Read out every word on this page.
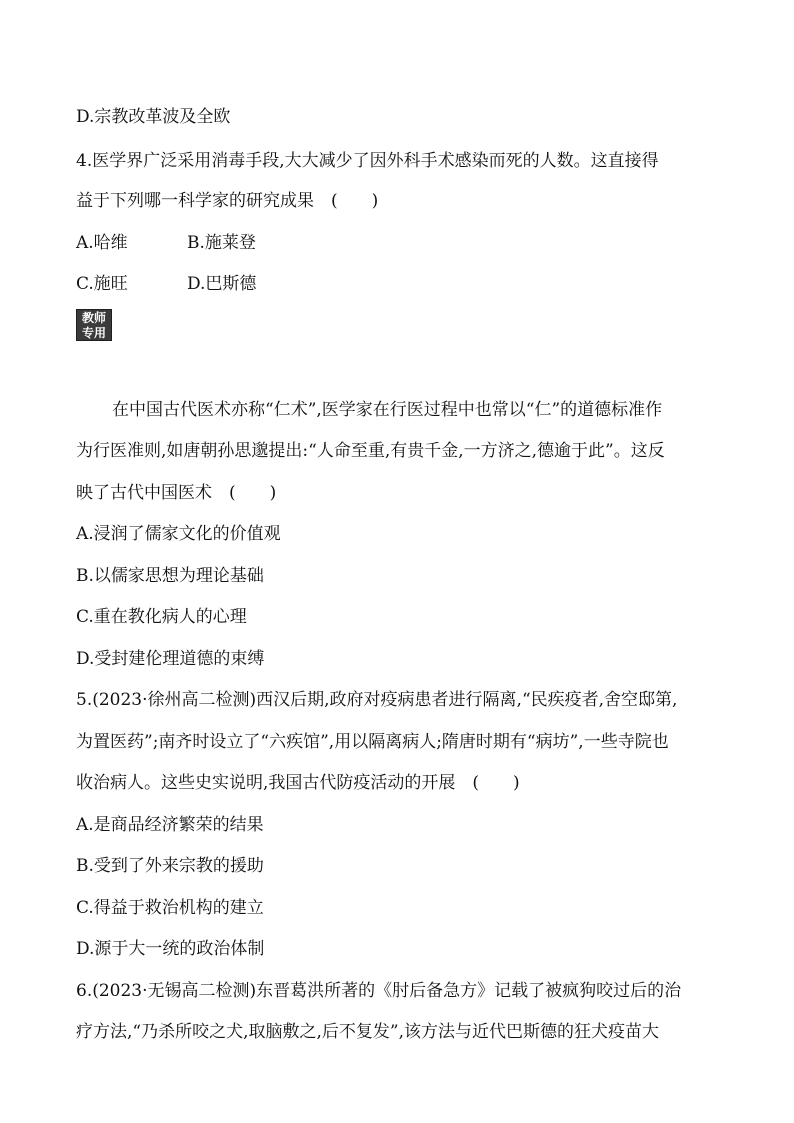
D.宗教改革波及全欧
4.医学界广泛采用消毒手段,大大减少了因外科手术感染而死的人数。这直接得
益于下列哪一科学家的研究成果　(　　)
A.哈维	B.施莱登
C.施旺	D.巴斯德
教师
专用
在中国古代医术亦称“仁术”,医学家在行医过程中也常以“仁”的道德标准作
为行医准则,如唐朝孙思邈提出:“人命至重,有贵千金,一方济之,德逾于此”。这反
映了古代中国医术　(　　)
A.浸润了儒家文化的价值观
B.以儒家思想为理论基础
C.重在教化病人的心理
D.受封建伦理道德的束缚
5.(2023·徐州高二检测)西汉后期,政府对疫病患者进行隔离,“民疾疫者,舍空邸第,
为置医药”;南齐时设立了“六疾馆”,用以隔离病人;隋唐时期有“病坊”,一些寺院也
收治病人。这些史实说明,我国古代防疫活动的开展　(　　)
A.是商品经济繁荣的结果
B.受到了外来宗教的援助
C.得益于救治机构的建立
D.源于大一统的政治体制
6.(2023·无锡高二检测)东晋葛洪所著的《肘后备急方》记载了被疯狗咬过后的治
疗方法,“乃杀所咬之犬,取脑敷之,后不复发”,该方法与近代巴斯德的狂犬疫苗大
